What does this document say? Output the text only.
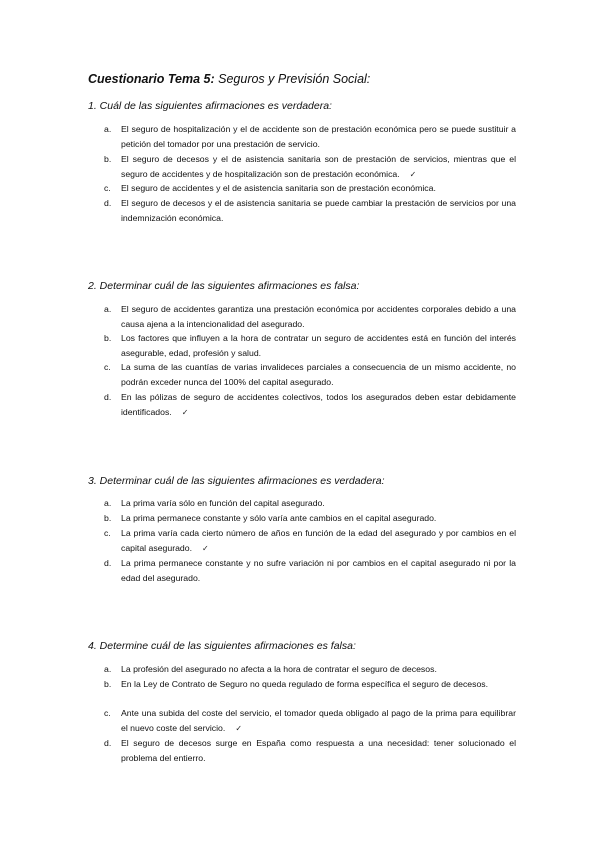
Cuestionario Tema 5: Seguros y Previsión Social:
1. Cuál de las siguientes afirmaciones es verdadera:
a.	El seguro de hospitalización y el de accidente son de prestación económica pero se puede sustituir a petición del tomador por una prestación de servicio.
b.	El seguro de decesos y el de asistencia sanitaria son de prestación de servicios, mientras que el seguro de accidentes y de hospitalización son de prestación económica. ✓
c.	El seguro de accidentes y el de asistencia sanitaria son de prestación económica.
d.	El seguro de decesos y el de asistencia sanitaria se puede cambiar la prestación de servicios por una indemnización económica.
2. Determinar cuál de las siguientes afirmaciones es falsa:
a.	El seguro de accidentes garantiza una prestación económica por accidentes corporales debido a una causa ajena a la intencionalidad del asegurado.
b.	Los factores que influyen a la hora de contratar un seguro de accidentes está en función del interés asegurable, edad, profesión y salud.
c.	La suma de las cuantías de varias invalideces parciales a consecuencia de un mismo accidente, no podrán exceder nunca del 100% del capital asegurado.
d.	En las pólizas de seguro de accidentes colectivos, todos los asegurados deben estar debidamente identificados. ✓
3. Determinar cuál de las siguientes afirmaciones es verdadera:
a.	La prima varía sólo en función del capital asegurado.
b.	La prima permanece constante y sólo varía ante cambios en el capital asegurado.
c.	La prima varía cada cierto número de años en función de la edad del asegurado y por cambios en el capital asegurado. ✓
d.	La prima permanece constante y no sufre variación ni por cambios en el capital asegurado ni por la edad del asegurado.
4. Determine cuál de las siguientes afirmaciones es falsa:
a.	La profesión del asegurado no afecta a la hora de contratar el seguro de decesos.
b.	En la Ley de Contrato de Seguro no queda regulado de forma específica el seguro de decesos.
c.	Ante una subida del coste del servicio, el tomador queda obligado al pago de la prima para equilibrar el nuevo coste del servicio. ✓
d.	El seguro de decesos surge en España como respuesta a una necesidad: tener solucionado el problema del entierro.
